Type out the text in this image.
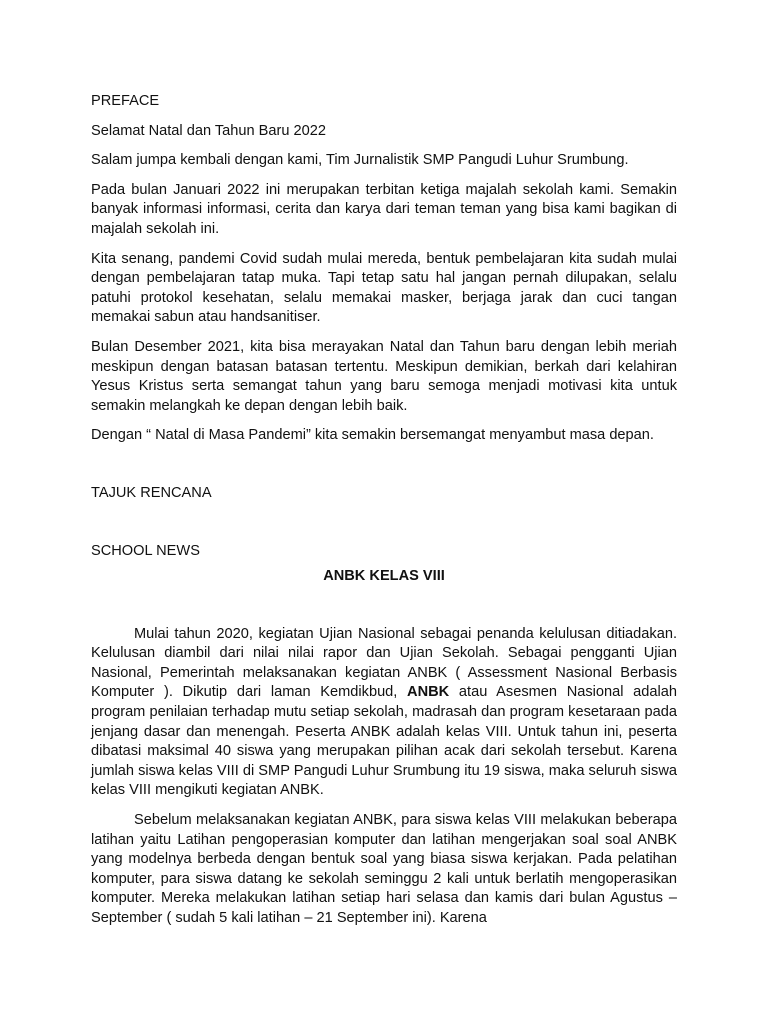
PREFACE

Selamat Natal dan Tahun Baru 2022

Salam jumpa kembali dengan kami, Tim Jurnalistik SMP Pangudi Luhur Srumbung.

Pada bulan Januari 2022 ini merupakan terbitan ketiga majalah sekolah kami. Semakin banyak informasi informasi, cerita dan karya dari teman teman yang bisa kami bagikan di majalah sekolah ini.

Kita senang, pandemi Covid sudah mulai mereda, bentuk pembelajaran kita sudah mulai dengan pembelajaran tatap muka. Tapi tetap satu hal jangan pernah dilupakan, selalu patuhi protokol kesehatan, selalu memakai masker, berjaga jarak dan cuci tangan memakai sabun atau handsanitiser.

Bulan Desember 2021, kita bisa merayakan Natal dan Tahun baru dengan lebih meriah meskipun dengan batasan batasan tertentu. Meskipun demikian, berkah dari kelahiran Yesus Kristus serta semangat tahun yang baru semoga menjadi motivasi kita untuk semakin melangkah ke depan dengan lebih baik.

Dengan “ Natal di Masa Pandemi” kita semakin bersemangat menyambut masa depan.

TAJUK RENCANA

SCHOOL NEWS

ANBK KELAS VIII

Mulai tahun 2020, kegiatan Ujian Nasional sebagai penanda kelulusan ditiadakan. Kelulusan diambil dari nilai nilai rapor dan Ujian Sekolah. Sebagai pengganti Ujian Nasional, Pemerintah melaksanakan kegiatan ANBK ( Assessment Nasional Berbasis Komputer ). Dikutip dari laman Kemdikbud, ANBK atau Asesmen Nasional adalah program penilaian terhadap mutu setiap sekolah, madrasah dan program kesetaraan pada jenjang dasar dan menengah. Peserta ANBK adalah kelas VIII. Untuk tahun ini, peserta dibatasi maksimal 40 siswa yang merupakan pilihan acak dari sekolah tersebut. Karena jumlah siswa kelas VIII di SMP Pangudi Luhur Srumbung itu 19 siswa, maka seluruh siswa kelas VIII mengikuti kegiatan ANBK.

Sebelum melaksanakan kegiatan ANBK, para siswa kelas VIII melakukan beberapa latihan yaitu Latihan pengoperasian komputer dan latihan mengerjakan soal soal ANBK yang modelnya berbeda dengan bentuk soal yang biasa siswa kerjakan. Pada pelatihan komputer, para siswa datang ke sekolah seminggu 2 kali untuk berlatih mengoperasikan komputer. Mereka melakukan latihan setiap hari selasa dan kamis dari bulan Agustus – September ( sudah 5 kali latihan – 21 September ini). Karena
